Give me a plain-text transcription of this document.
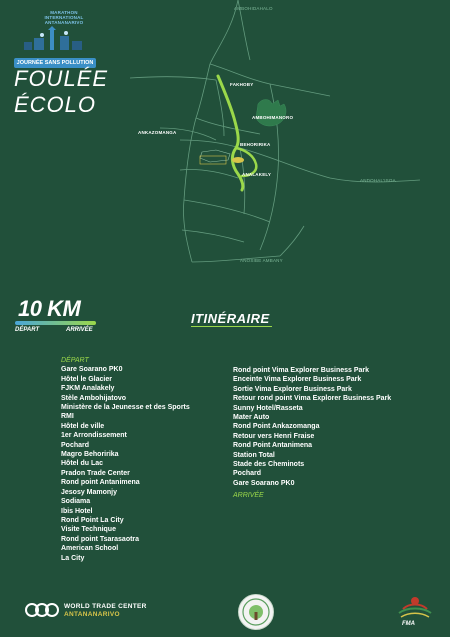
MARATHON INTERNATIONAL ANTANANARIVO
JOURNÉE SANS POLLUTION
FOULÉE
ÉCOLO
AMBOHIDAHALO
FAKHOBY
AMBOHIMANORO
ANKAZOMANGA
BEHORIRIKA
ANALAKELY
ANDOHAL'ISOA
ANOSIBE AMBANY
10 KM
DÉPART	ARRIVÉE
ITINÉRAIRE
DÉPART
Gare Soarano PK0
Hôtel le Glacier
FJKM Analakely
Stèle Ambohijatovo
Ministère de la Jeunesse et des Sports
RMI
Hôtel de ville
1er Arrondissement
Pochard
Magro Behoririka
Hôtel du Lac
Pradon Trade Center
Rond point Antanimena
Jesosy Mamonjy
Sodiama
Ibis Hotel
Rond Point La City
Visite Technique
Rond point Tsarasaotra
American School
La City
Rond point Vima Explorer Business Park
Enceinte Vima Explorer Business Park
Sortie Vima Explorer Business Park
Retour rond point Vima Explorer Business Park
Sunny Hotel/Rasseta
Mater Auto
Rond Point Ankazomanga
Retour vers Henri Fraise
Rond Point Antanimena
Station Total
Stade des Cheminots
Pochard
Gare Soarano PK0
ARRIVÉE
WORLD TRADE CENTER
ANTANANARIVO
FMA
